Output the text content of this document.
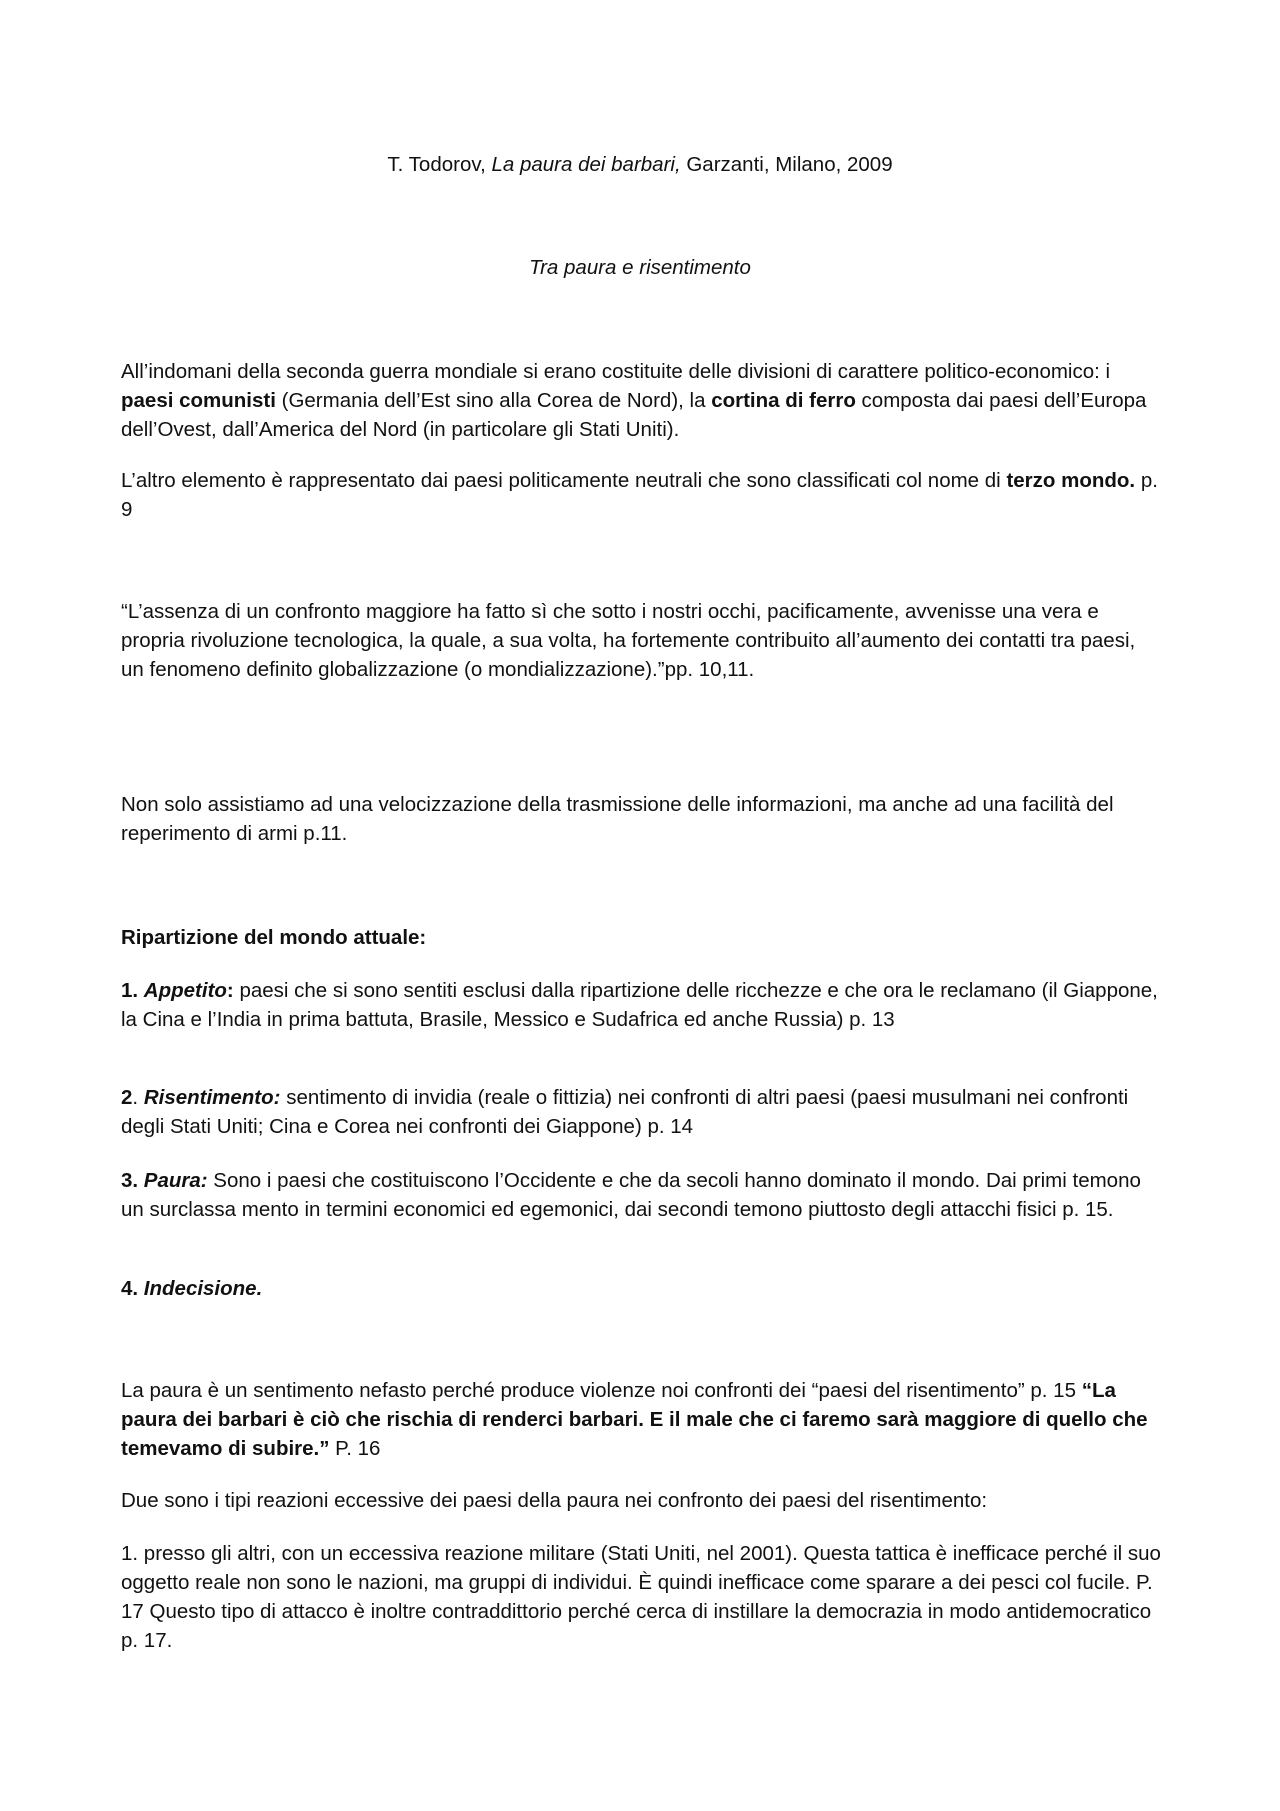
T. Todorov, La paura dei barbari, Garzanti, Milano, 2009

Tra paura e risentimento

All’indomani della seconda guerra mondiale si erano costituite delle divisioni di carattere politico-economico: i paesi comunisti (Germania dell’Est sino alla Corea de Nord), la cortina di ferro composta dai paesi dell’Europa dell’Ovest, dall’America del Nord (in particolare gli Stati Uniti).

L’altro elemento è rappresentato dai paesi politicamente neutrali che sono classificati col nome di terzo mondo. p. 9

“L’assenza di un confronto maggiore ha fatto sì che sotto i nostri occhi, pacificamente, avvenisse una vera e propria rivoluzione tecnologica, la quale, a sua volta, ha fortemente contribuito all’aumento dei contatti tra paesi, un fenomeno definito globalizzazione (o mondializzazione).”pp. 10,11.

Non solo assistiamo ad una velocizzazione della trasmissione delle informazioni, ma anche ad una facilità del reperimento di armi p.11.

Ripartizione del mondo attuale:

1. Appetito: paesi che si sono sentiti esclusi dalla ripartizione delle ricchezze e che ora le reclamano (il Giappone, la Cina e l’India in prima battuta, Brasile, Messico e Sudafrica ed anche Russia) p. 13

2. Risentimento: sentimento di invidia (reale o fittizia) nei confronti di altri paesi (paesi musulmani nei confronti degli Stati Uniti; Cina e Corea nei confronti dei Giappone) p. 14

3. Paura: Sono i paesi che costituiscono l’Occidente e che da secoli hanno dominato il mondo. Dai primi temono un surclassa mento in termini economici ed egemonici, dai secondi temono piuttosto degli attacchi fisici p. 15.

4. Indecisione.

La paura è un sentimento nefasto perché produce violenze noi confronti dei “paesi del risentimento” p. 15 “La paura dei barbari è ciò che rischia di renderci barbari. E il male che ci faremo sarà maggiore di quello che temevamo di subire.” P. 16

Due sono i tipi reazioni eccessive dei paesi della paura nei confronto dei paesi del risentimento:

1. presso gli altri, con un eccessiva reazione militare (Stati Uniti, nel 2001). Questa tattica è inefficace perché il suo oggetto reale non sono le nazioni, ma gruppi di individui. È quindi inefficace come sparare a dei pesci col fucile. P. 17 Questo tipo di attacco è inoltre contraddittorio perché cerca di instillare la democrazia in modo antidemocratico p. 17.
